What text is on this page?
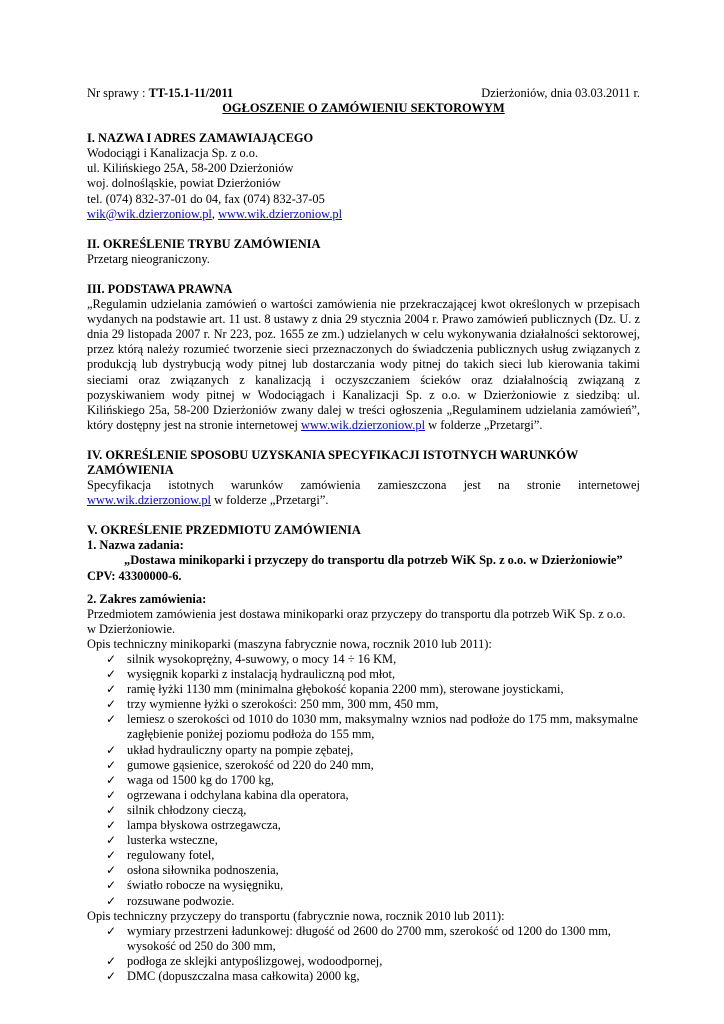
Nr sprawy : TT-15.1-11/2011	Dzierżoniów, dnia 03.03.2011 r.

OGŁOSZENIE O ZAMÓWIENIU SEKTOROWYM

I. NAZWA I ADRES ZAMAWIAJĄCEGO

Wodociągi i Kanalizacja Sp. z o.o.

ul. Kilińskiego 25A, 58-200 Dzierżoniów

woj. dolnośląskie, powiat Dzierżoniów

tel. (074) 832-37-01 do 04, fax (074) 832-37-05

wik@wik.dzierzoniow.pl, www.wik.dzierzoniow.pl

II. OKREŚLENIE TRYBU ZAMÓWIENIA

Przetarg nieograniczony.

III. PODSTAWA PRAWNA

„Regulamin udzielania zamówień o wartości zamówienia nie przekraczającej kwot określonych w przepisach wydanych na podstawie art. 11 ust. 8 ustawy z dnia 29 stycznia 2004 r. Prawo zamówień publicznych (Dz. U. z dnia 29 listopada 2007 r. Nr 223, poz. 1655 ze zm.) udzielanych w celu wykonywania działalności sektorowej, przez którą należy rozumieć tworzenie sieci przeznaczonych do świadczenia publicznych usług związanych z produkcją lub dystrybucją wody pitnej lub dostarczania wody pitnej do takich sieci lub kierowania takimi sieciami oraz związanych z kanalizacją i oczyszczaniem ścieków oraz działalnością związaną z pozyskiwaniem wody pitnej w Wodociągach i Kanalizacji Sp. z o.o. w Dzierżoniowie z siedzibą: ul. Kilińskiego 25a, 58-200 Dzierżoniów zwany dalej w treści ogłoszenia „Regulaminem udzielania zamówień”, który dostępny jest na stronie internetowej www.wik.dzierzoniow.pl w folderze „Przetargi”.

IV. OKREŚLENIE SPOSOBU UZYSKANIA SPECYFIKACJI ISTOTNYCH WARUNKÓW

ZAMÓWIENIA

Specyfikacja istotnych warunków zamówienia zamieszczona jest na stronie internetowej

www.wik.dzierzoniow.pl w folderze „Przetargi”.

V. OKREŚLENIE PRZEDMIOTU ZAMÓWIENIA

1. Nazwa zadania:

„Dostawa minikoparki i przyczepy do transportu dla potrzeb WiK Sp. z o.o. w Dzierżoniowie”

CPV: 43300000-6.

2. Zakres zamówienia:

Przedmiotem zamówienia jest dostawa minikoparki oraz przyczepy do transportu dla potrzeb WiK Sp. z o.o.

w Dzierżoniowie.

Opis techniczny minikoparki (maszyna fabrycznie nowa, rocznik 2010 lub 2011):

✓ silnik wysokoprężny, 4-suwowy, o mocy 14 ÷ 16 KM,
✓ wysięgnik koparki z instalacją hydrauliczną pod młot,
✓ ramię łyżki 1130 mm (minimalna głębokość kopania 2200 mm), sterowane joystickami,
✓ trzy wymienne łyżki o szerokości: 250 mm, 300 mm, 450 mm,
✓ lemiesz o szerokości od 1010 do 1030 mm, maksymalny wznios nad podłoże do 175 mm, maksymalne zagłębienie poniżej poziomu podłoża do 155 mm,
✓ układ hydrauliczny oparty na pompie zębatej,
✓ gumowe gąsienice, szerokość od 220 do 240 mm,
✓ waga od 1500 kg do 1700 kg,
✓ ogrzewana i odchylana kabina dla operatora,
✓ silnik chłodzony cieczą,
✓ lampa błyskowa ostrzegawcza,
✓ lusterka wsteczne,
✓ regulowany fotel,
✓ osłona siłownika podnoszenia,
✓ światło robocze na wysięgniku,
✓ rozsuwane podwozie.

Opis techniczny przyczepy do transportu (fabrycznie nowa, rocznik 2010 lub 2011):

✓ wymiary przestrzeni ładunkowej: długość od 2600 do 2700 mm, szerokość od 1200 do 1300 mm, wysokość od 250 do 300 mm,
✓ podłoga ze sklejki antypoślizgowej, wodoodpornej,
✓ DMC (dopuszczalna masa całkowita) 2000 kg,
